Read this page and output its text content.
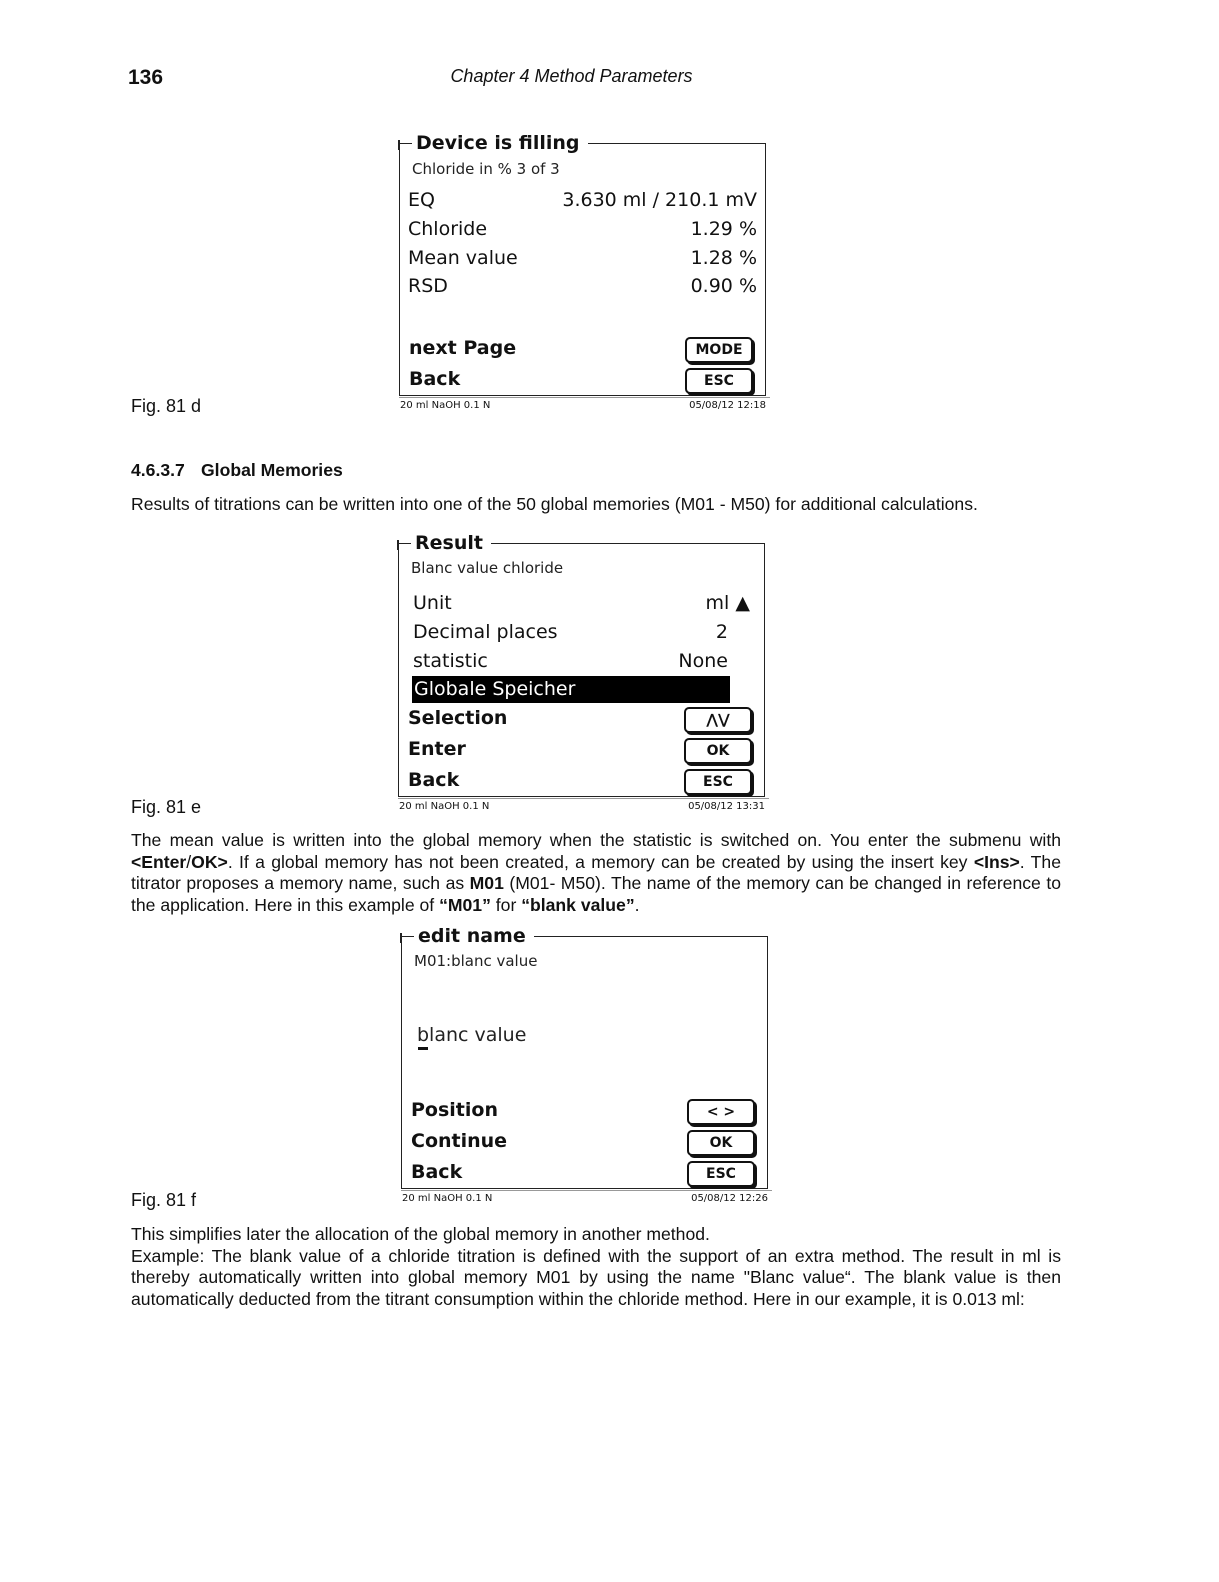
136	Chapter 4 Method Parameters
Device is filling
Chloride in % 3 of 3
EQ	3.630 ml / 210.1 mV
Chloride	1.29 %
Mean value	1.28 %
RSD	0.90 %
next Page	MODE
Back	ESC
20 ml NaOH 0.1 N	05/08/12 12:18
Fig. 81 d
4.6.3.7 Global Memories
Results of titrations can be written into one of the 50 global memories (M01 - M50) for additional calculations.
Result
Blanc value chloride
Unit	ml ▲
Decimal places	2
statistic	None
Globale Speicher
Selection	⋀⋁
Enter	OK
Back	ESC
20 ml NaOH 0.1 N	05/08/12 13:31
Fig. 81 e
The mean value is written into the global memory when the statistic is switched on. You enter the submenu with <Enter/OK>. If a global memory has not been created, a memory can be created by using the insert key <Ins>. The titrator proposes a memory name, such as M01 (M01- M50). The name of the memory can be changed in reference to the application. Here in this example of “M01” for “blank value”.
edit name
M01:blanc value
blanc value
Position	< >
Continue	OK
Back	ESC
20 ml NaOH 0.1 N	05/08/12 12:26
Fig. 81 f
This simplifies later the allocation of the global memory in another method.
Example: The blank value of a chloride titration is defined with the support of an extra method. The result in ml is thereby automatically written into global memory M01 by using the name "Blanc value“. The blank value is then automatically deducted from the titrant consumption within the chloride method. Here in our example, it is 0.013 ml:
